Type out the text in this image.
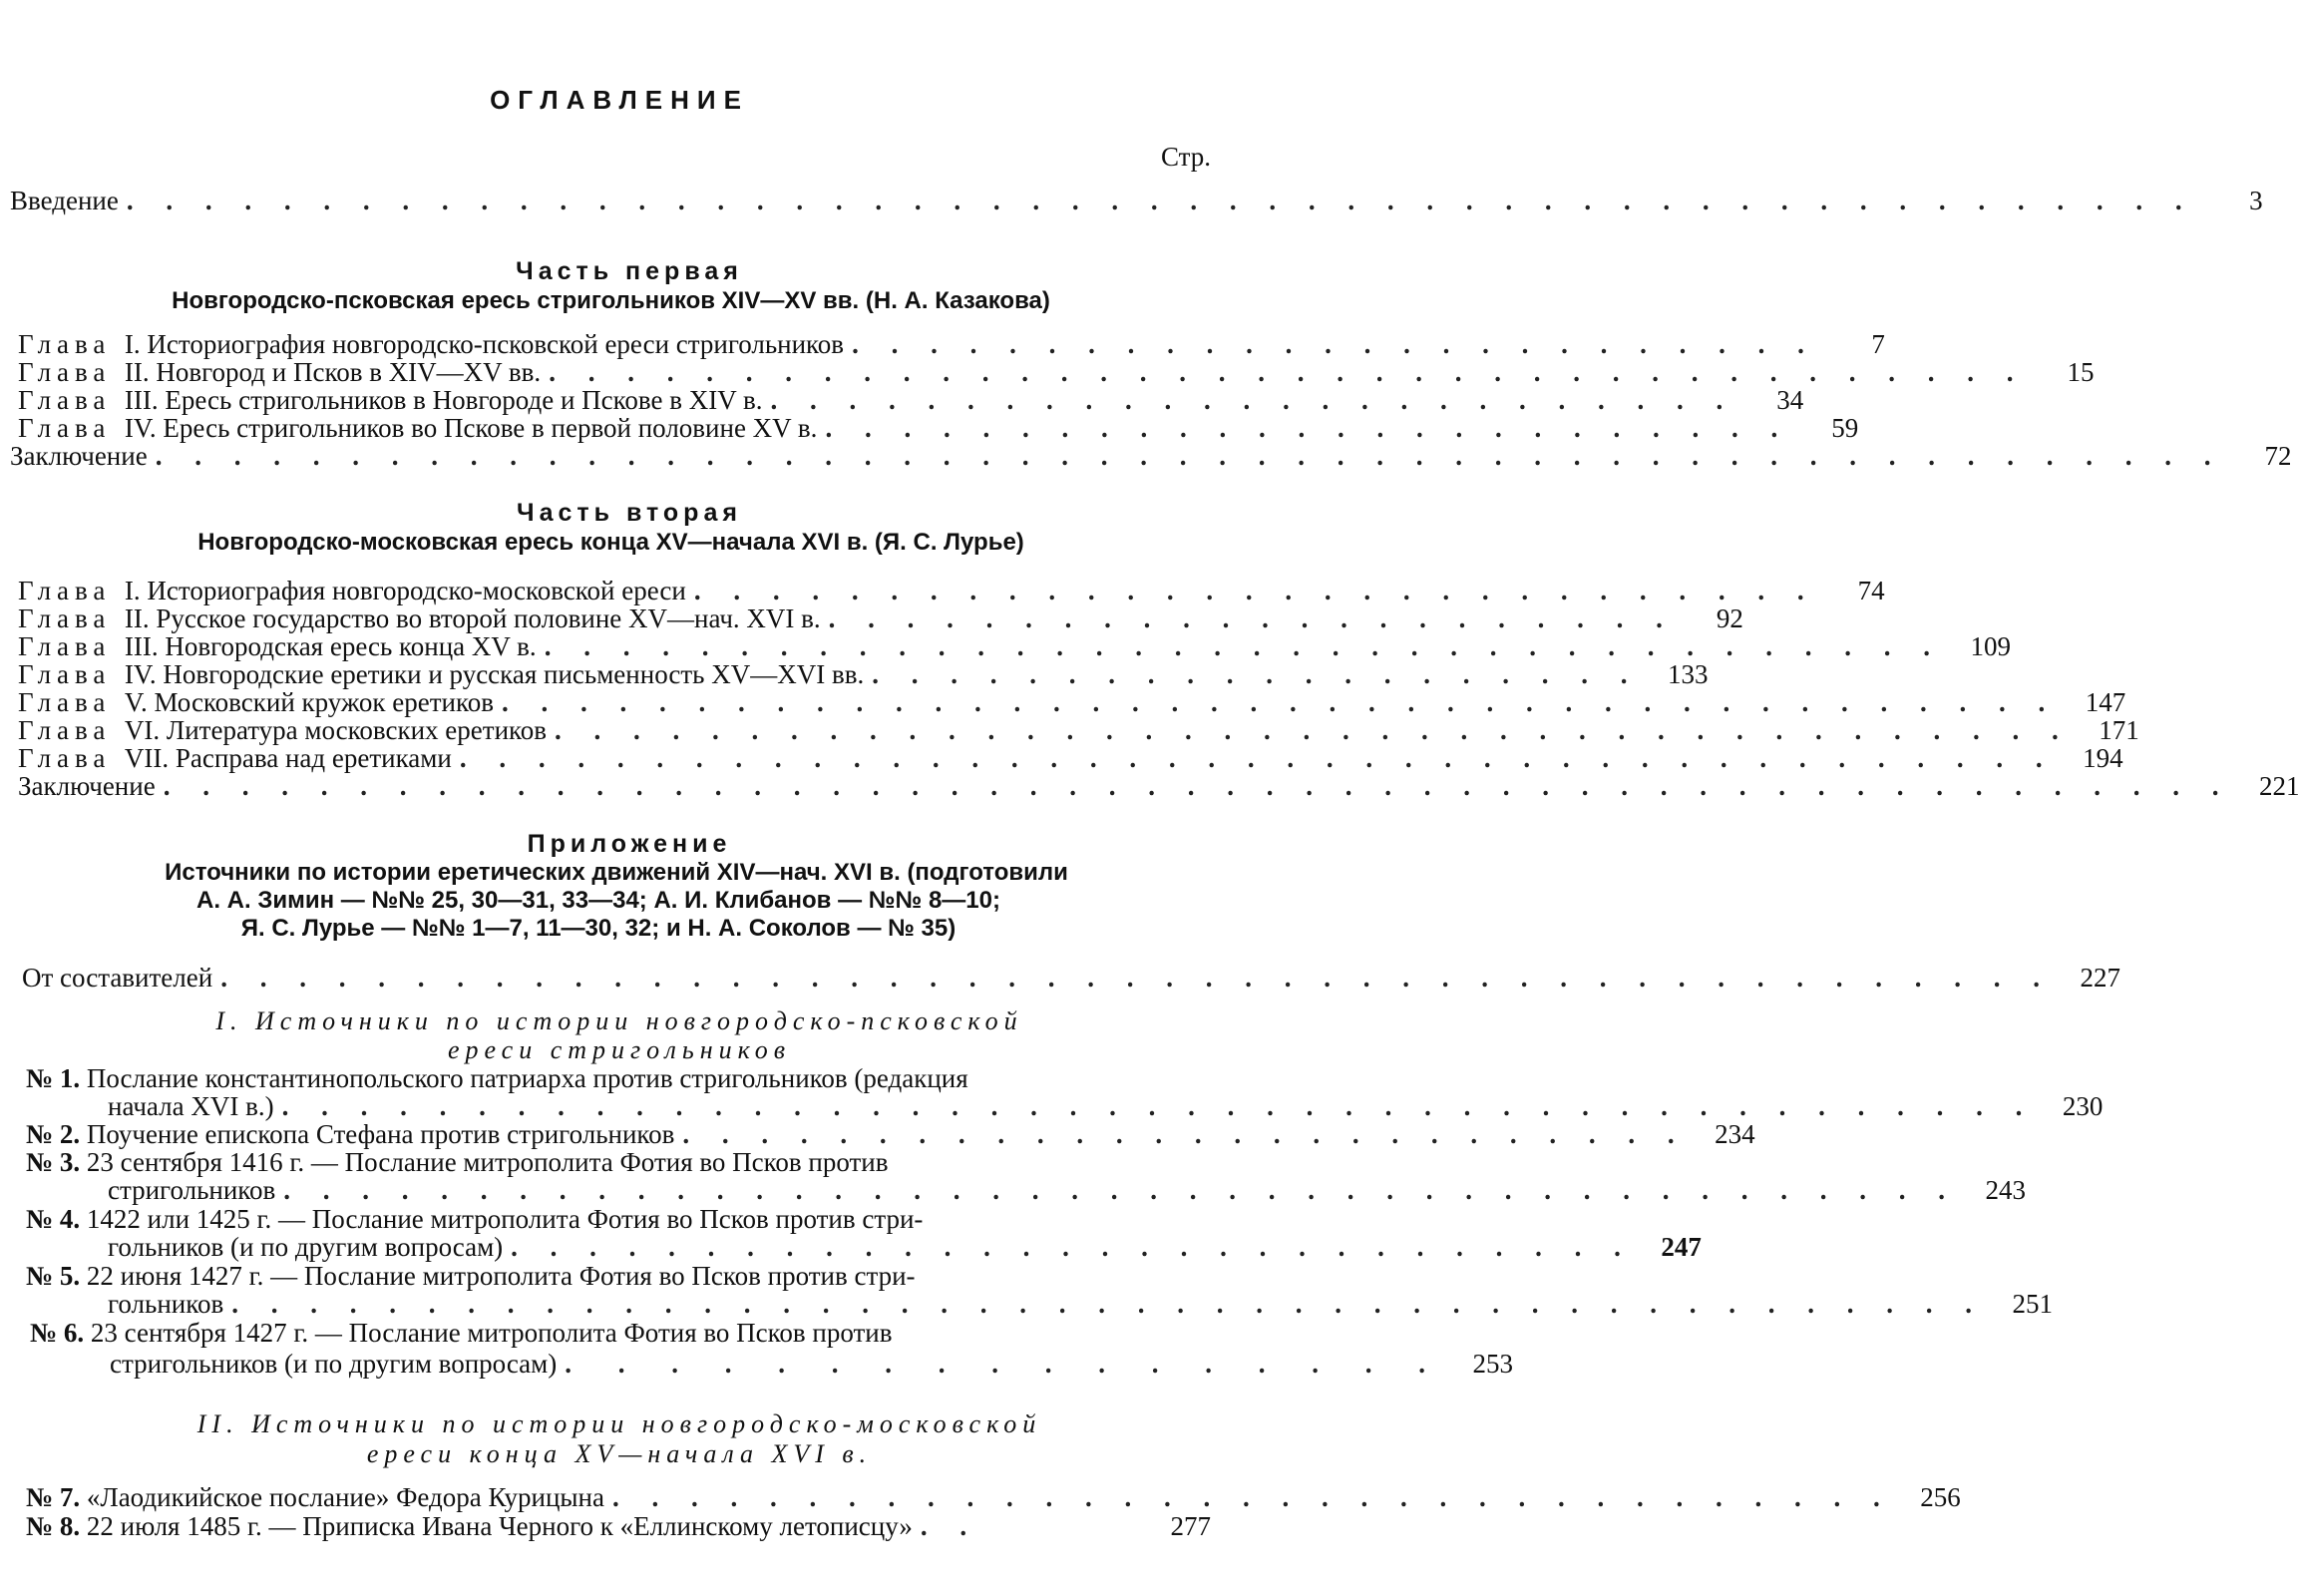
ОГЛАВЛЕНИЕ
Стр.
Введение . . . . . . . . . . . . . . . . . . . . . . . . . . . . . . . . . . . . . . . . . . . . . . . . . . . . .	3
Часть первая
Новгородско-псковская ересь стригольников XIV—XV вв. (Н. А. Казакова)
Глава I. Историография новгородско-псковской ереси стригольников . . . . . . . . . . . . . . . . . . . . . . . . .	7
Глава II. Новгород и Псков в XIV—XV вв. . . . . . . . . . . . . . . . . . . . . . . . . . . . . . . . . . . . . . .	15
Глава III. Ересь стригольников в Новгороде и Пскове в XIV в. . . . . . . . . . . . . . . . . . . . . . . . . .	34
Глава IV. Ересь стригольников во Пскове в первой половине XV в. . . . . . . . . . . . . . . . . . . . . . . . . .	59
Заключение . . . . . . . . . . . . . . . . . . . . . . . . . . . . . . . . . . . . . . . . . . . . . . . . . . . . .	72
Часть вторая
Новгородско-московская ересь конца XV—начала XVI в. (Я. С. Лурье)
Глава I. Историография новгородско-московской ереси . . . . . . . . . . . . . . . . . . . . . . . . . . . . .	74
Глава II. Русское государство во второй половине XV—нач. XVI в. . . . . . . . . . . . . . . . . . . . . . .	92
Глава III. Новгородская ересь конца XV в. . . . . . . . . . . . . . . . . . . . . . . . . . . . . . . . . . . . .	109
Глава IV. Новгородские еретики и русская письменность XV—XVI вв. . . . . . . . . . . . . . . . . . . . .	133
Глава V. Московский кружок еретиков . . . . . . . . . . . . . . . . . . . . . . . . . . . . . . . . . . . . . . . .	147
Глава VI. Литература московских еретиков . . . . . . . . . . . . . . . . . . . . . . . . . . . . . . . . . . . . . . .	171
Глава VII. Расправа над еретиками . . . . . . . . . . . . . . . . . . . . . . . . . . . . . . . . . . . . . . . . .	194
Заключение . . . . . . . . . . . . . . . . . . . . . . . . . . . . . . . . . . . . . . . . . . . . . . . . . . . . .	221
Приложение
Источники по истории еретических движений XIV—нач. XVI в. (подготовили
А. А. Зимин — №№ 25, 30—31, 33—34; А. И. Клибанов — №№ 8—10;
Я. С. Лурье — №№ 1—7, 11—30, 32; и Н. А. Соколов — № 35)
От составителей . . . . . . . . . . . . . . . . . . . . . . . . . . . . . . . . . . . . . . . . . . . . . . .	227
I. Источники по истории новгородско-псковской
ереси стригольников
№ 1. Послание константинопольского патриарха против стригольников (редакция
начала XVI в.) . . . . . . . . . . . . . . . . . . . . . . . . . . . . . . . . . . . . . . . . . . . . .	230
№ 2. Поучение епископа Стефана против стригольников . . . . . . . . . . . . . . . . . . . . . . . . . .	234
№ 3. 23 сентября 1416 г. — Послание митрополита Фотия во Псков против
стригольников . . . . . . . . . . . . . . . . . . . . . . . . . . . . . . . . . . . . . . . . . . .	243
№ 4. 1422 или 1425 г. — Послание митрополита Фотия во Псков против стри-
гольников (и по другим вопросам) . . . . . . . . . . . . . . . . . . . . . . . . . . . . .	247
№ 5. 22 июня 1427 г. — Послание митрополита Фотия во Псков против стри-
гольников . . . . . . . . . . . . . . . . . . . . . . . . . . . . . . . . . . . . . . . . . . . . .	251
№ 6. 23 сентября 1427 г. — Послание митрополита Фотия во Псков против
стригольников (и по другим вопросам) . . . . . . . . . . . . . . . . .	253
II. Источники по истории новгородско-московской
ереси конца XV—начала XVI в.
№ 7. «Лаодикийское послание» Федора Курицына . . . . . . . . . . . . . . . . . . . . . . . . . . . . . . . . .	256
№ 8. 22 июля 1485 г. — Приписка Ивана Черного к «Еллинскому летописцу» . .	277
